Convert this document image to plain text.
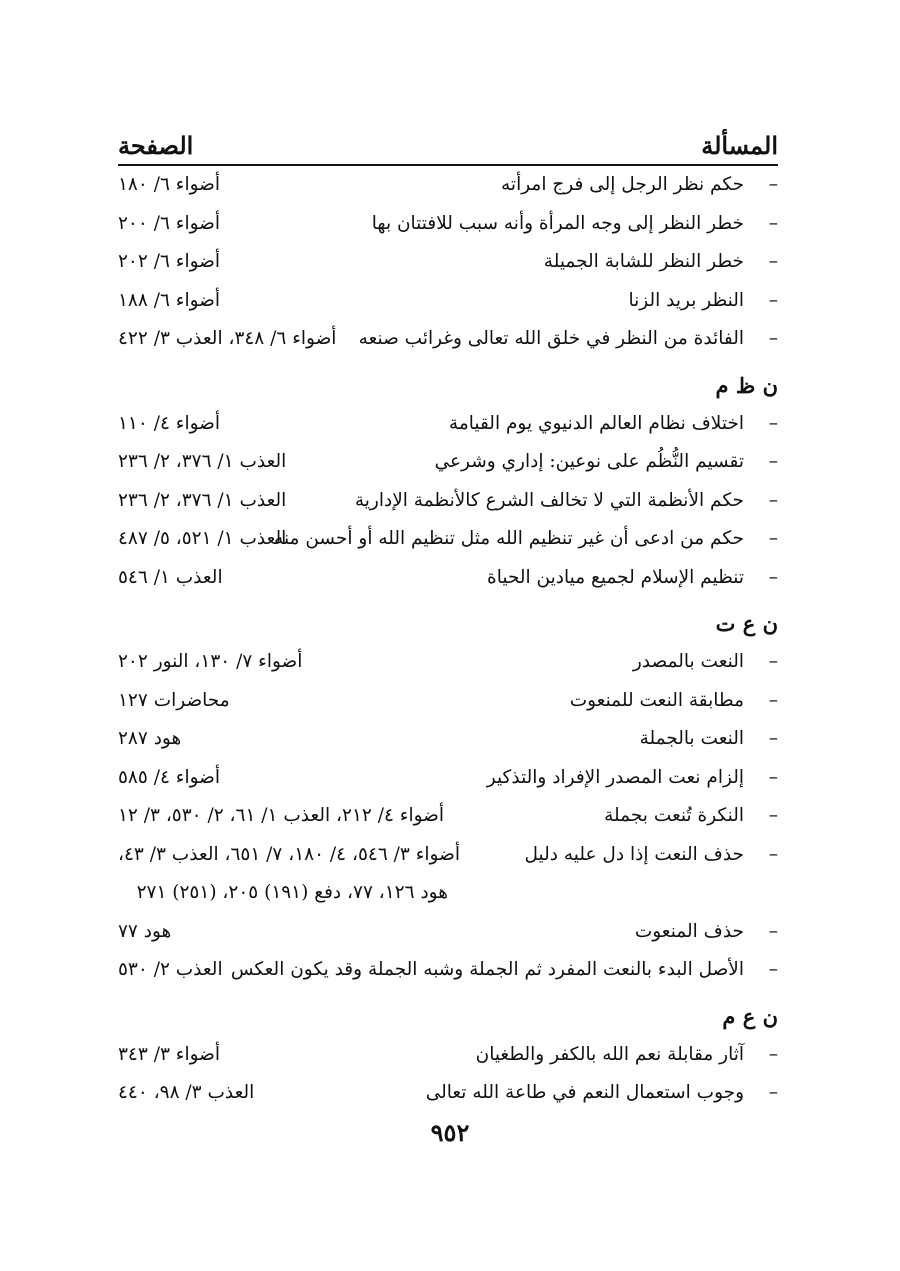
المسألة
الصفحة
–
حكم نظر الرجل إلى فرج امرأته
أضواء ٦/ ١٨٠
–
خطر النظر إلى وجه المرأة وأنه سبب للافتتان بها
أضواء ٦/ ٢٠٠
–
خطر النظر للشابة الجميلة
أضواء ٦/ ٢٠٢
–
النظر بريد الزنا
أضواء ٦/ ١٨٨
–
الفائدة من النظر في خلق الله تعالى وغرائب صنعه
أضواء ٦/ ٣٤٨، العذب ٣/ ٤٢٢
ن ظ م
–
اختلاف نظام العالم الدنيوي يوم القيامة
أضواء ٤/ ١١٠
–
تقسيم النُّظُم على نوعين: إداري وشرعي
العذب ١/ ٣٧٦، ٢/ ٢٣٦
–
حكم الأنظمة التي لا تخالف الشرع كالأنظمة الإدارية
العذب ١/ ٣٧٦، ٢/ ٢٣٦
–
حكم من ادعى أن غير تنظيم الله مثل تنظيم الله أو أحسن منه
العذب ١/ ٥٢١، ٥/ ٤٨٧
–
تنظيم الإسلام لجميع ميادين الحياة
العذب ١/ ٥٤٦
ن ع ت
–
النعت بالمصدر
أضواء ٧/ ١٣٠، النور ٢٠٢
–
مطابقة النعت للمنعوت
محاضرات ١٢٧
–
النعت بالجملة
هود ٢٨٧
–
إلزام نعت المصدر الإفراد والتذكير
أضواء ٤/ ٥٨٥
–
النكرة تُنعت بجملة
أضواء ٤/ ٢١٢، العذب ١/ ٦١، ٢/ ٥٣٠، ٣/ ١٢
–
حذف النعت إذا دل عليه دليل
أضواء ٣/ ٥٤٦، ٤/ ١٨٠، ٧/ ٦٥١، العذب ٣/ ٤٣،
هود ١٢٦، ٧٧، دفع (١٩١) ٢٠٥، (٢٥١) ٢٧١
–
حذف المنعوت
هود ٧٧
–
الأصل البدء بالنعت المفرد ثم الجملة وشبه الجملة وقد يكون العكس
العذب ٢/ ٥٣٠
ن ع م
–
آثار مقابلة نعم الله بالكفر والطغيان
أضواء ٣/ ٣٤٣
–
وجوب استعمال النعم في طاعة الله تعالى
العذب ٣/ ٩٨، ٤٤٠
٩٥٢
